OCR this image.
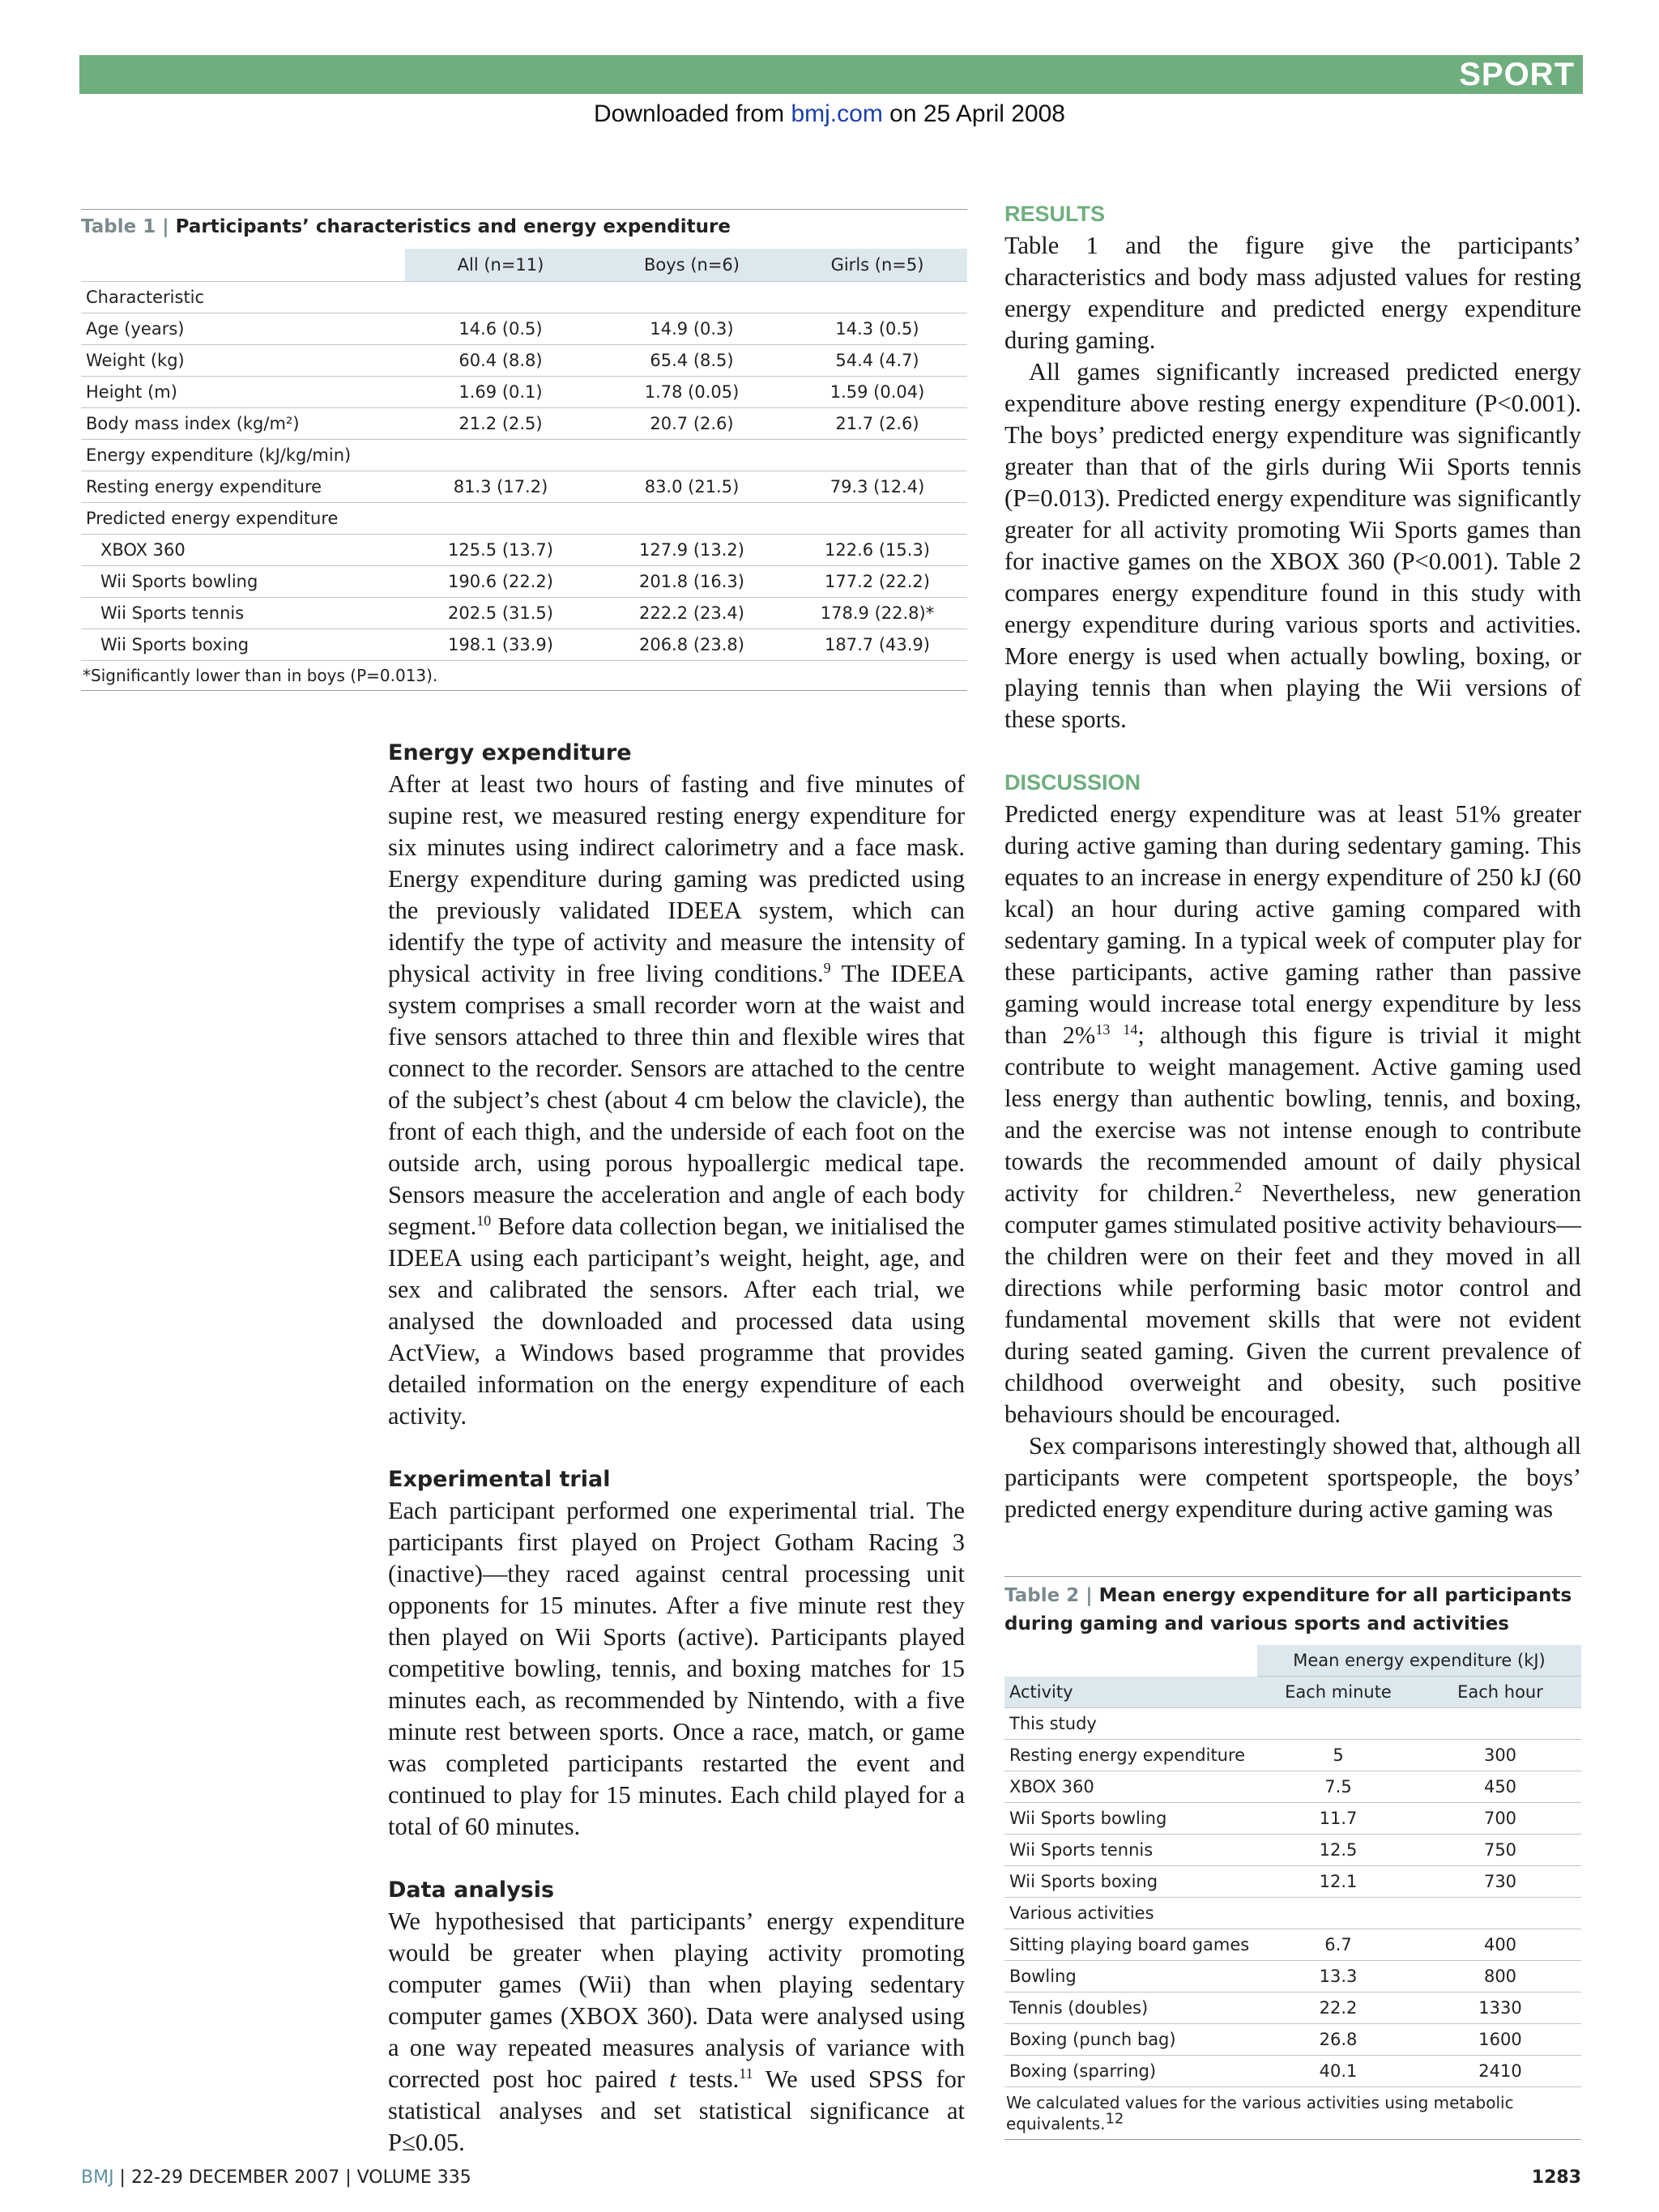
SPORT
Downloaded from bmj.com on 25 April 2008
Table 1 | Participants’ characteristics and energy expenditure
	All (n=11)	Boys (n=6)	Girls (n=5)
Characteristic			
Age (years)	14.6 (0.5)	14.9 (0.3)	14.3 (0.5)
Weight (kg)	60.4 (8.8)	65.4 (8.5)	54.4 (4.7)
Height (m)	1.69 (0.1)	1.78 (0.05)	1.59 (0.04)
Body mass index (kg/m²)	21.2 (2.5)	20.7 (2.6)	21.7 (2.6)
Energy expenditure (kJ/kg/min)			
Resting energy expenditure	81.3 (17.2)	83.0 (21.5)	79.3 (12.4)
Predicted energy expenditure			
XBOX 360	125.5 (13.7)	127.9 (13.2)	122.6 (15.3)
Wii Sports bowling	190.6 (22.2)	201.8 (16.3)	177.2 (22.2)
Wii Sports tennis	202.5 (31.5)	222.2 (23.4)	178.9 (22.8)*
Wii Sports boxing	198.1 (33.9)	206.8 (23.8)	187.7 (43.9)
*Significantly lower than in boys (P=0.013).
Energy expenditure

After at least two hours of fasting and five minutes of supine rest, we measured resting energy expenditure for six minutes using indirect calorimetry and a face mask. Energy expenditure during gaming was predicted using the previously validated IDEEA system, which can identify the type of activity and measure the intensity of physical activity in free living conditions.$^9$ The IDEEA system comprises a small recorder worn at the waist and five sensors attached to three thin and flexible wires that connect to the recorder. Sensors are attached to the centre of the subject’s chest (about 4 cm below the clavicle), the front of each thigh, and the underside of each foot on the outside arch, using porous hypoallergic medical tape. Sensors measure the acceleration and angle of each body segment.$^{10}$ Before data collection began, we initialised the IDEEA using each participant’s weight, height, age, and sex and calibrated the sensors. After each trial, we analysed the downloaded and processed data using ActView, a Windows based programme that provides detailed information on the energy expenditure of each activity.

Experimental trial

Each participant performed one experimental trial. The participants first played on Project Gotham Racing 3 (inactive)—they raced against central processing unit opponents for 15 minutes. After a five minute rest they then played on Wii Sports (active). Participants played competitive bowling, tennis, and boxing matches for 15 minutes each, as recommended by Nintendo, with a five minute rest between sports. Once a race, match, or game was completed participants restarted the event and continued to play for 15 minutes. Each child played for a total of 60 minutes.

Data analysis

We hypothesised that participants’ energy expenditure would be greater when playing activity promoting computer games (Wii) than when playing sedentary computer games (XBOX 360). Data were analysed using a one way repeated measures analysis of variance with corrected post hoc paired t tests.$^{11}$ We used SPSS for statistical analyses and set statistical significance at P≤0.05.

RESULTS

Table 1 and the figure give the participants’ characteristics and body mass adjusted values for resting energy expenditure and predicted energy expenditure during gaming.

All games significantly increased predicted energy expenditure above resting energy expenditure (P<0.001). The boys’ predicted energy expenditure was significantly greater than that of the girls during Wii Sports tennis (P=0.013). Predicted energy expenditure was significantly greater for all activity promoting Wii Sports games than for inactive games on the XBOX 360 (P<0.001). Table 2 compares energy expenditure found in this study with energy expenditure during various sports and activities. More energy is used when actually bowling, boxing, or playing tennis than when playing the Wii versions of these sports.

DISCUSSION

Predicted energy expenditure was at least 51% greater during active gaming than during sedentary gaming. This equates to an increase in energy expenditure of 250 kJ (60 kcal) an hour during active gaming compared with sedentary gaming. In a typical week of computer play for these participants, active gaming rather than passive gaming would increase total energy expenditure by less than 2%$^{13 14}$; although this figure is trivial it might contribute to weight management. Active gaming used less energy than authentic bowling, tennis, and boxing, and the exercise was not intense enough to contribute towards the recommended amount of daily physical activity for children.$^2$ Nevertheless, new generation computer games stimulated positive activity behaviours—the children were on their feet and they moved in all directions while performing basic motor control and fundamental movement skills that were not evident during seated gaming. Given the current prevalence of childhood overweight and obesity, such positive behaviours should be encouraged.

Sex comparisons interestingly showed that, although all participants were competent sportspeople, the boys’ predicted energy expenditure during active gaming was

Table 2 | Mean energy expenditure for all participants during gaming and various sports and activities
	Mean energy expenditure (kJ)	
Activity	Each minute	Each hour
This study		
Resting energy expenditure	5	300
XBOX 360	7.5	450
Wii Sports bowling	11.7	700
Wii Sports tennis	12.5	750
Wii Sports boxing	12.1	730
Various activities		
Sitting playing board games	6.7	400
Bowling	13.3	800
Tennis (doubles)	22.2	1330
Boxing (punch bag)	26.8	1600
Boxing (sparring)	40.1	2410
We calculated values for the various activities using metabolic equivalents.$^{12}$
BMJ | 22-29 DECEMBER 2007 | VOLUME 335	1283
